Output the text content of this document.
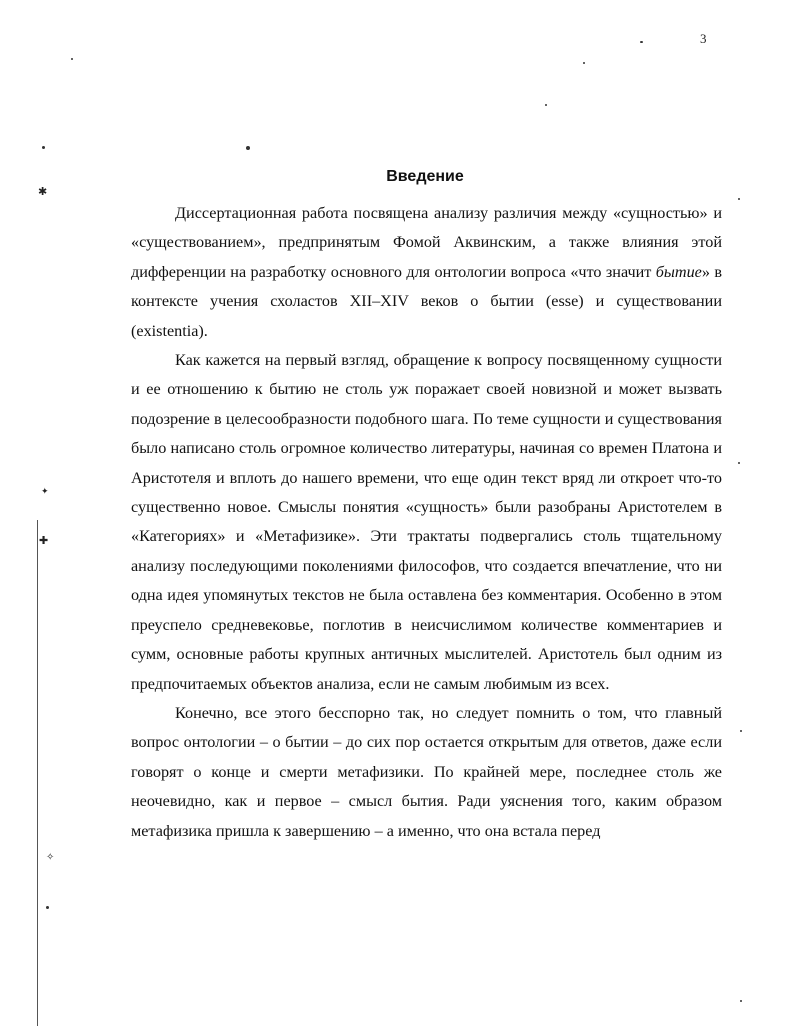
✱
✦
✚
✧
3
Введение

Диссертационная работа посвящена анализу различия между «сущностью» и «существованием», предпринятым Фомой Аквинским, а также влияния этой дифференции на разработку основного для онтологии вопроса «что значит бытие» в контексте учения схоластов XII–XIV веков о бытии (esse) и существовании (existentia).

Как кажется на первый взгляд, обращение к вопросу посвященному сущности и ее отношению к бытию не столь уж поражает своей новизной и может вызвать подозрение в целесообразности подобного шага. По теме сущности и существования было написано столь огромное количество литературы, начиная со времен Платона и Аристотеля и вплоть до нашего времени, что еще один текст вряд ли откроет что-то существенно новое. Смыслы понятия «сущность» были разобраны Аристотелем в «Категориях» и «Метафизике». Эти трактаты подвергались столь тщательному анализу последующими поколениями философов, что создается впечатление, что ни одна идея упомянутых текстов не была оставлена без комментария. Особенно в этом преуспело средневековье, поглотив в неисчислимом количестве комментариев и сумм, основные работы крупных античных мыслителей. Аристотель был одним из предпочитаемых объектов анализа, если не самым любимым из всех.

Конечно, все этого бесспорно так, но следует помнить о том, что главный вопрос онтологии – о бытии – до сих пор остается открытым для ответов, даже если говорят о конце и смерти метафизики. По крайней мере, последнее столь же неочевидно, как и первое – смысл бытия. Ради уяснения того, каким образом метафизика пришла к завершению – а именно, что она встала перед
